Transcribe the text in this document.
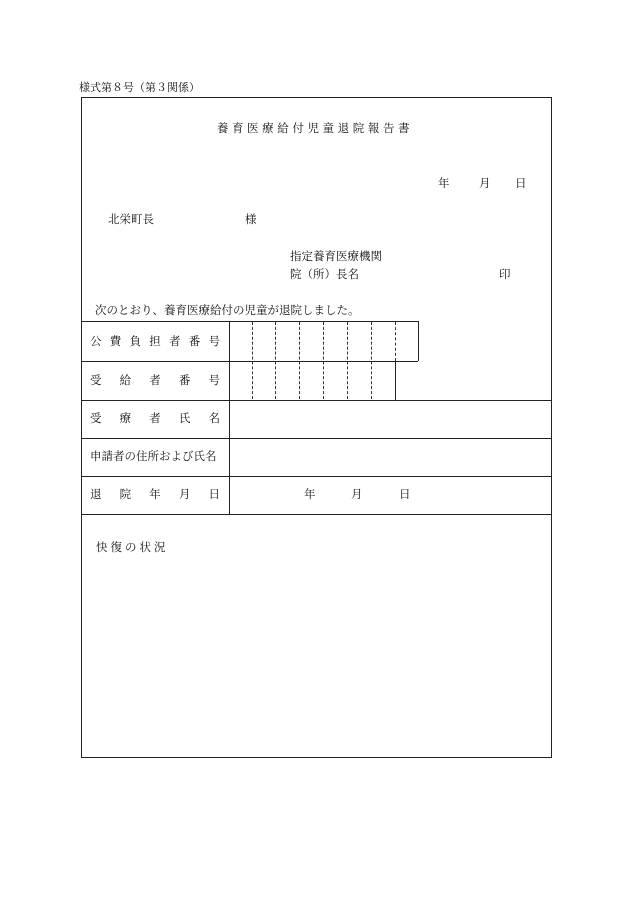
様式第８号（第３関係）
養育医療給付児童退院報告書
年	月 日
北栄町長	様
指定養育医療機関
院（所）長名	印
次のとおり、養育医療給付の児童が退院しました。
公 費 負 担 者 番 号
受 給 者 番 号
受 療 者 氏 名
申請者の住所および氏名
退 院 年 月 日	年	月	日
快復の状況
